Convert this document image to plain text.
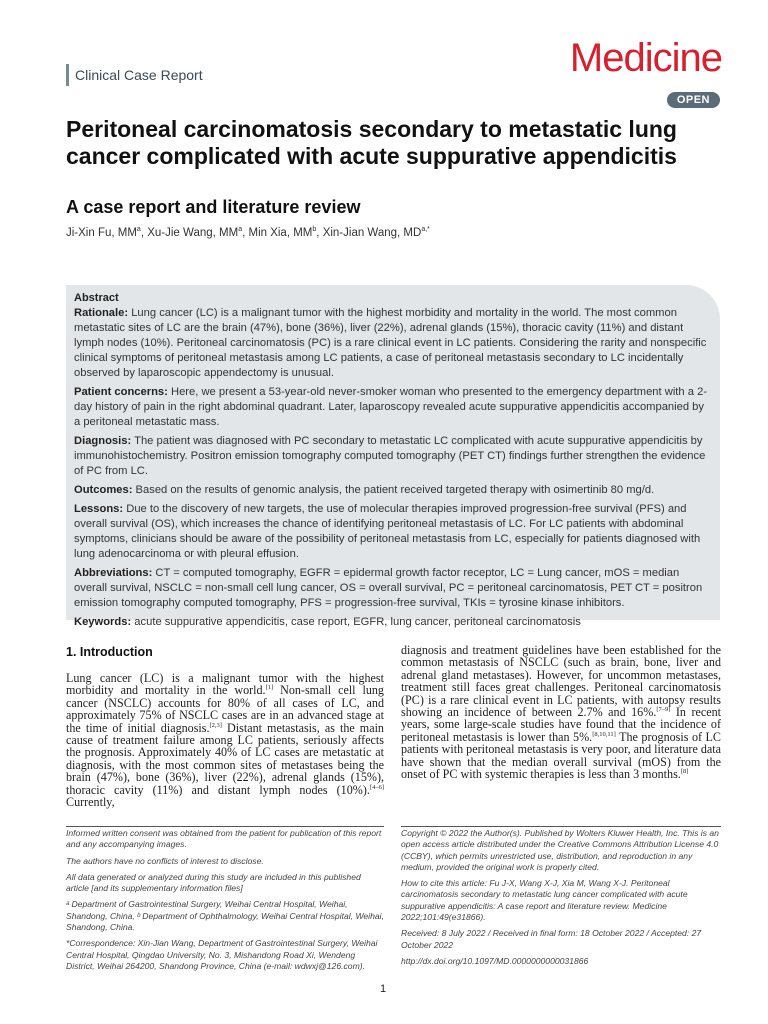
Clinical Case Report	Medicine
OPEN
Peritoneal carcinomatosis secondary to metastatic lung cancer complicated with acute suppurative appendicitis
A case report and literature review
Ji-Xin Fu, $MM^a$, Xu-Jie Wang, $MM^a$, Min Xia, $MM^b$, Xin-Jian Wang, $MD^{a,*}$
Abstract

Rationale: Lung cancer (LC) is a malignant tumor with the highest morbidity and mortality in the world. The most common metastatic sites of LC are the brain (47%), bone (36%), liver (22%), adrenal glands (15%), thoracic cavity (11%) and distant lymph nodes (10%). Peritoneal carcinomatosis (PC) is a rare clinical event in LC patients. Considering the rarity and nonspecific clinical symptoms of peritoneal metastasis among LC patients, a case of peritoneal metastasis secondary to LC incidentally observed by laparoscopic appendectomy is unusual.

Patient concerns: Here, we present a 53-year-old never-smoker woman who presented to the emergency department with a 2-day history of pain in the right abdominal quadrant. Later, laparoscopy revealed acute suppurative appendicitis accompanied by a peritoneal metastatic mass.

Diagnosis: The patient was diagnosed with PC secondary to metastatic LC complicated with acute suppurative appendicitis by immunohistochemistry. Positron emission tomography computed tomography (PET CT) findings further strengthen the evidence of PC from LC.

Outcomes: Based on the results of genomic analysis, the patient received targeted therapy with osimertinib 80 mg/d.

Lessons: Due to the discovery of new targets, the use of molecular therapies improved progression-free survival (PFS) and overall survival (OS), which increases the chance of identifying peritoneal metastasis of LC. For LC patients with abdominal symptoms, clinicians should be aware of the possibility of peritoneal metastasis from LC, especially for patients diagnosed with lung adenocarcinoma or with pleural effusion.

Abbreviations: CT = computed tomography, EGFR = epidermal growth factor receptor, LC = Lung cancer, mOS = median overall survival, NSCLC = non-small cell lung cancer, OS = overall survival, PC = peritoneal carcinomatosis, PET CT = positron emission tomography computed tomography, PFS = progression-free survival, TKIs = tyrosine kinase inhibitors.

Keywords: acute suppurative appendicitis, case report, EGFR, lung cancer, peritoneal carcinomatosis

1. Introduction
Lung cancer (LC) is a malignant tumor with the highest morbidity and mortality in the world.[1] Non-small cell lung cancer (NSCLC) accounts for 80% of all cases of LC, and approximately 75% of NSCLC cases are in an advanced stage at the time of initial diagnosis.[2,3] Distant metastasis, as the main cause of treatment failure among LC patients, seriously affects the prognosis. Approximately 40% of LC cases are metastatic at diagnosis, with the most common sites of metastases being the brain (47%), bone (36%), liver (22%), adrenal glands (15%), thoracic cavity (11%) and distant lymph nodes (10%).[4–6] Currently,
diagnosis and treatment guidelines have been established for the common metastasis of NSCLC (such as brain, bone, liver and adrenal gland metastases). However, for uncommon metastases, treatment still faces great challenges. Peritoneal carcinomatosis (PC) is a rare clinical event in LC patients, with autopsy results showing an incidence of between 2.7% and 16%.[7–9] In recent years, some large-scale studies have found that the incidence of peritoneal metastasis is lower than 5%.[8,10,11] The prognosis of LC patients with peritoneal metastasis is very poor, and literature data have shown that the median overall survival (mOS) from the onset of PC with systemic therapies is less than 3 months.[8]

Informed written consent was obtained from the patient for publication of this report and any accompanying images.

The authors have no conflicts of interest to disclose.

All data generated or analyzed during this study are included in this published article [and its supplementary information files]

ᵃ Department of Gastrointestinal Surgery, Weihai Central Hospital, Weihai, Shandong, China, ᵇ Department of Ophthalmology, Weihai Central Hospital, Weihai, Shandong, China.

*Correspondence: Xin-Jian Wang, Department of Gastrointestinal Surgery, Weihai Central Hospital, Qingdao University, No. 3, Mishandong Road Xi, Wendeng District, Weihai 264200, Shandong Province, China (e-mail: wdwxj@126.com).

Copyright © 2022 the Author(s). Published by Wolters Kluwer Health, Inc. This is an open access article distributed under the Creative Commons Attribution License 4.0 (CCBY), which permits unrestricted use, distribution, and reproduction in any medium, provided the original work is properly cited.

How to cite this article: Fu J-X, Wang X-J, Xia M, Wang X-J. Peritoneal carcinomatosis secondary to metastatic lung cancer complicated with acute suppurative appendicitis: A case report and literature review. Medicine 2022;101:49(e31866).

Received: 8 July 2022 / Received in final form: 18 October 2022 / Accepted: 27 October 2022

http://dx.doi.org/10.1097/MD.0000000000031866

1
